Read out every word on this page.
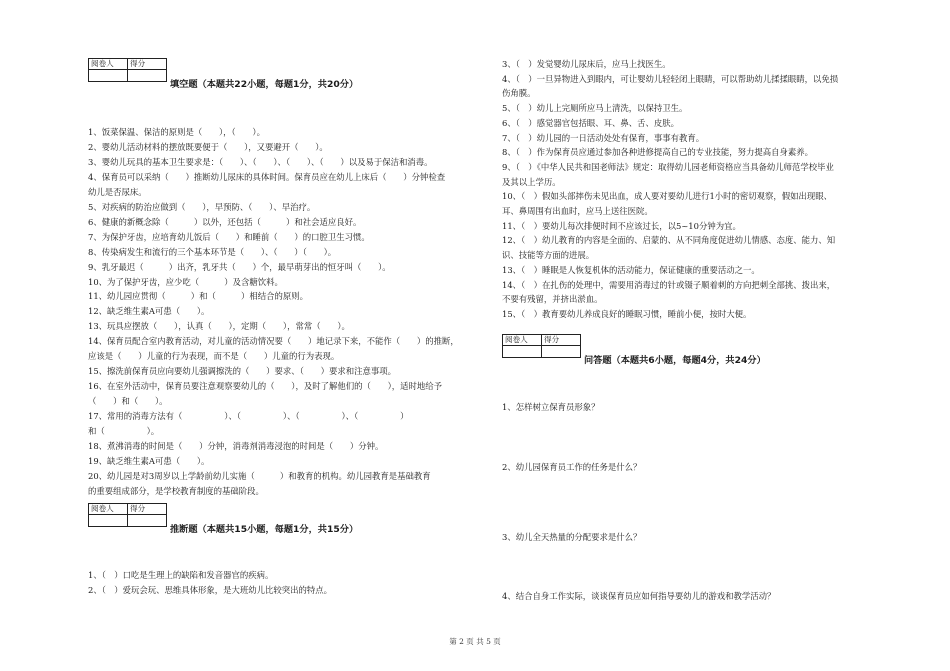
阅卷人	得分

填空题（本题共22小题，每题1分，共20分）
1、饭菜保温、保洁的原则是（　　），（　　）。
2、婴幼儿活动材料的摆放既要便于（　　），又要避开（　　）。
3、婴幼儿玩具的基本卫生要求是：（　　）、（　　）、（　　）、（　　）以及易于保洁和消毒。
4、保育员可以采纳（　　）推断幼儿尿床的具体时间。保育员应在幼儿上床后（　　）分钟检查
幼儿是否尿床。
5、对疾病的防治应做到（　　），早预防、（　　）、早治疗。
6、健康的新概念除（　　　）以外，还包括（　　　）和社会适应良好。
7、为保护牙齿，应培育幼儿饭后（　　）和睡前（　　）的口腔卫生习惯。
8、传染病发生和流行的三个基本环节是（　　）、（　　）（　　）。
9、乳牙最迟（　　　）出齐，乳牙共（　　）个，最早萌芽出的恒牙叫（　　）。
10、为了保护牙齿，应少吃（　　　）及含糖饮料。
11、幼儿园应贯彻（　　　）和（　　　）相结合的原则。
12、缺乏维生素A可患（　　）。
13、玩具应摆放（　　），认真（　　），定期（　　），常常（　　）。
14、保育员配合室内教育活动，对儿童的活动情况要（　　）地记录下来，不能作（　　）的推断，
应该是（　　）儿童的行为表现，而不是（　　）儿童的行为表现。
15、擦洗前保育员应向要幼儿强调擦洗的（　　）要求、（　　）要求和注意事项。
16、在室外活动中，保育员要注意观察要幼儿的（　　），及时了解他们的（　　），适时地给予
（　　）和（　　）。
17、常用的消毒方法有（　　　　　）、（　　　　　）、（　　　　　）、（　　　　　）
和（　　　　　）。
18、煮沸消毒的时间是（　　）分钟，消毒剂消毒浸泡的时间是（　　）分钟。
19、缺乏维生素A可患（　　）。
20、幼儿园是对3周岁以上学龄前幼儿实施（　　　）和教育的机构。幼儿园教育是基础教育
的重要组成部分，是学校教育制度的基础阶段。
阅卷人	得分

推断题（本题共15小题，每题1分，共15分）
1、（　）口吃是生理上的缺陷和发音器官的疾病。
2、（　）爱玩会玩、思维具体形象，是大班幼儿比较突出的特点。
3、（　）发觉婴幼儿尿床后，应马上找医生。
4、（　）一旦异物进入到眼内，可让婴幼儿轻轻闭上眼睛，可以帮助幼儿揉揉眼睛，以免损
伤角膜。
5、（　）幼儿上完厕所应马上清洗，以保持卫生。
6、（　）感觉器官包括眼、耳、鼻、舌、皮肤。
7、（　）幼儿园的一日活动处处有保育，事事有教育。
8、（　）作为保育员应通过参加各种进修提高自己的专业技能，努力提高自身素养。
9、（　）《中华人民共和国老师法》规定：取得幼儿园老师资格应当具备幼儿师范学校毕业
及其以上学历。
10、（　）假如头部摔伤未见出血，成人要对要幼儿进行1小时的密切观察，假如出现眼、
耳、鼻周围有出血时，应马上送往医院。
11、（　）要幼儿每次排便时间不应该过长，以5~10分钟为宜。
12、（　）幼儿教育的内容是全面的、启蒙的、从不同角度促进幼儿情感、态度、能力、知
识、技能等方面的进展。
13、（　）睡眠是人恢复机体的活动能力，保证健康的重要活动之一。
14、（　）在扎伤的处理中，需要用消毒过的针或镊子顺着刺的方向把刺全部挑、拨出来，
不要有残留，并挤出淤血。
15、（　）教育要幼儿养成良好的睡眠习惯，睡前小便，按时大便。
阅卷人	得分

问答题（本题共6小题，每题4分，共24分）
1、怎样树立保育员形象？
2、幼儿园保育员工作的任务是什么？
3、幼儿全天热量的分配要求是什么？
4、结合自身工作实际，谈谈保育员应如何指导要幼儿的游戏和教学活动？
第 2 页 共 5 页
